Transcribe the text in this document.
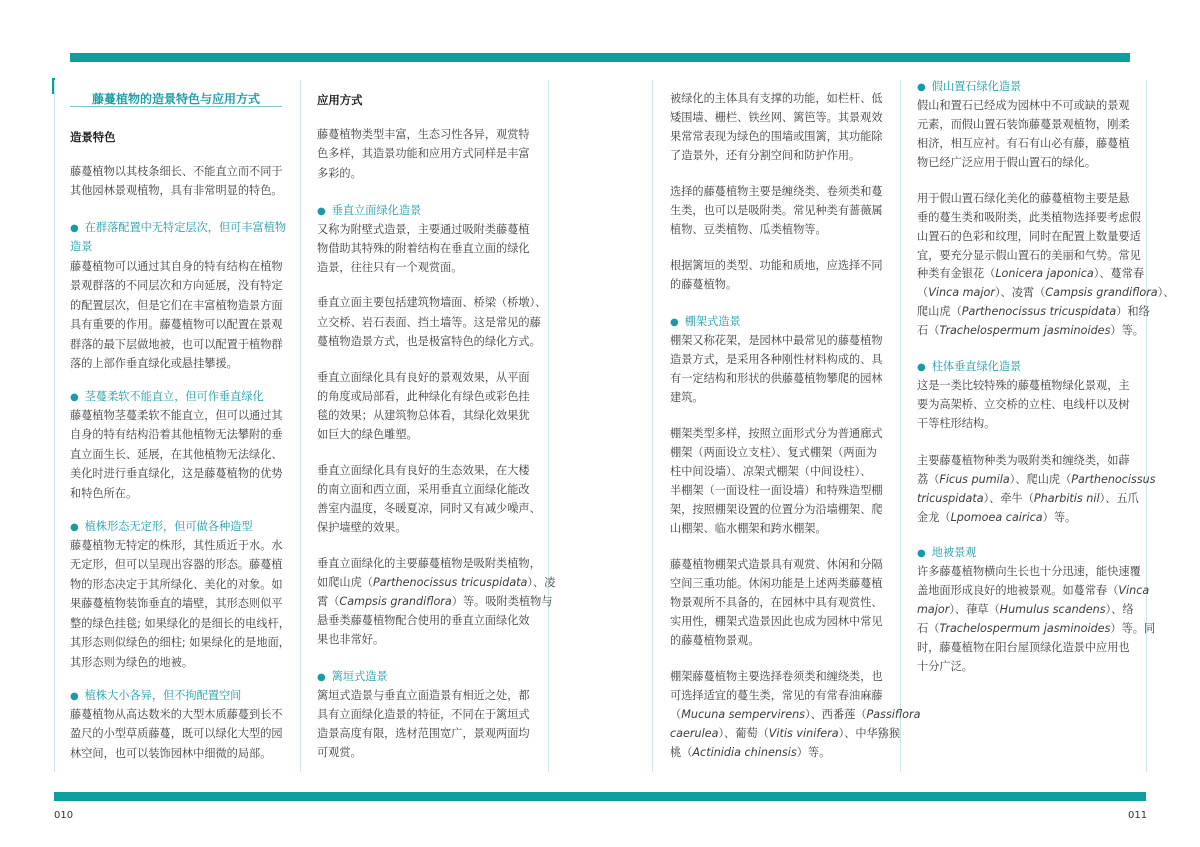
010	011
藤蔓植物的造景特色与应用方式
造景特色
藤蔓植物以其枝条细长、不能直立而不同于
其他园林景观植物，具有非常明显的特色。
● 在群落配置中无特定层次，但可丰富植物
造景
藤蔓植物可以通过其自身的特有结构在植物
景观群落的不同层次和方向延展，没有特定
的配置层次，但是它们在丰富植物造景方面
具有重要的作用。藤蔓植物可以配置在景观
群落的最下层做地被，也可以配置于植物群
落的上部作垂直绿化或悬挂攀援。
● 茎蔓柔软不能直立，但可作垂直绿化
藤蔓植物茎蔓柔软不能直立，但可以通过其
自身的特有结构沿着其他植物无法攀附的垂
直立面生长、延展，在其他植物无法绿化、
美化时进行垂直绿化，这是藤蔓植物的优势
和特色所在。
● 植株形态无定形，但可做各种造型
藤蔓植物无特定的株形，其性质近于水。水
无定形，但可以呈现出容器的形态。藤蔓植
物的形态决定于其所绿化、美化的对象。如
果藤蔓植物装饰垂直的墙壁，其形态则似平
整的绿色挂毯; 如果绿化的是细长的电线杆，
其形态则似绿色的细柱; 如果绿化的是地面，
其形态则为绿色的地被。
● 植株大小各异，但不拘配置空间
藤蔓植物从高达数米的大型木质藤蔓到长不
盈尺的小型草质藤蔓，既可以绿化大型的园
林空间，也可以装饰园林中细微的局部。
应用方式
藤蔓植物类型丰富，生态习性各异，观赏特
色多样，其造景功能和应用方式同样是丰富
多彩的。
● 垂直立面绿化造景
又称为附壁式造景，主要通过吸附类藤蔓植
物借助其特殊的附着结构在垂直立面的绿化
造景，往往只有一个观赏面。
垂直立面主要包括建筑物墙面、桥梁（桥墩）、
立交桥、岩石表面、挡土墙等。这是常见的藤
蔓植物造景方式，也是极富特色的绿化方式。
垂直立面绿化具有良好的景观效果，从平面
的角度或局部看，此种绿化有绿色或彩色挂
毯的效果；从建筑物总体看，其绿化效果犹
如巨大的绿色雕塑。
垂直立面绿化具有良好的生态效果，在大楼
的南立面和西立面，采用垂直立面绿化能改
善室内温度，冬暖夏凉，同时又有减少噪声、
保护墙壁的效果。
垂直立面绿化的主要藤蔓植物是吸附类植物，
如爬山虎（Parthenocissus tricuspidata）、凌
霄（Campsis grandiflora）等。吸附类植物与
悬垂类藤蔓植物配合使用的垂直立面绿化效
果也非常好。
● 篱垣式造景
篱垣式造景与垂直立面造景有相近之处，都
具有立面绿化造景的特征，不同在于篱垣式
造景高度有限，选材范围宽广，景观两面均
可观赏。
被绿化的主体具有支撑的功能，如栏杆、低
矮围墙、栅栏、铁丝网、篱笆等。其景观效
果常常表现为绿色的围墙或围篱，其功能除
了造景外，还有分割空间和防护作用。
选择的藤蔓植物主要是缠绕类、卷须类和蔓
生类，也可以是吸附类。常见种类有蔷薇属
植物、豆类植物、瓜类植物等。
根据篱垣的类型、功能和质地，应选择不同
的藤蔓植物。
● 棚架式造景
棚架又称花架，是园林中最常见的藤蔓植物
造景方式，是采用各种刚性材料构成的、具
有一定结构和形状的供藤蔓植物攀爬的园林
建筑。
棚架类型多样，按照立面形式分为普通廊式
棚架（两面设立支柱）、复式棚架（两面为
柱中间设墙）、凉架式棚架（中间设柱）、
半棚架（一面设柱一面设墙）和特殊造型棚
架，按照棚架设置的位置分为沿墙棚架、爬
山棚架、临水棚架和跨水棚架。
藤蔓植物棚架式造景具有观赏、休闲和分隔
空间三重功能。休闲功能是上述两类藤蔓植
物景观所不具备的，在园林中具有观赏性、
实用性，棚架式造景因此也成为园林中常见
的藤蔓植物景观。
棚架藤蔓植物主要选择卷须类和缠绕类，也
可选择适宜的蔓生类，常见的有常春油麻藤
（Mucuna sempervirens）、西番莲（Passiflora
caerulea）、葡萄（Vitis vinifera）、中华猕猴
桃（Actinidia chinensis）等。
● 假山置石绿化造景
假山和置石已经成为园林中不可或缺的景观
元素，而假山置石装饰藤蔓景观植物，刚柔
相济，相互应衬。有石有山必有藤，藤蔓植
物已经广泛应用于假山置石的绿化。
用于假山置石绿化美化的藤蔓植物主要是悬
垂的蔓生类和吸附类，此类植物选择要考虑假
山置石的色彩和纹理，同时在配置上数量要适
宜，要充分显示假山置石的美丽和气势。常见
种类有金银花（Lonicera japonica）、蔓常春
（Vinca major）、凌霄（Campsis grandiflora）、
爬山虎（Parthenocissus tricuspidata）和络
石（Trachelospermum jasminoides）等。
● 柱体垂直绿化造景
这是一类比较特殊的藤蔓植物绿化景观，主
要为高架桥、立交桥的立柱、电线杆以及树
干等柱形结构。
主要藤蔓植物种类为吸附类和缠绕类，如薜
荔（Ficus pumila）、爬山虎（Parthenocissus
tricuspidata）、牵牛（Pharbitis nil）、五爪
金龙（Lpomoea cairica）等。
● 地被景观
许多藤蔓植物横向生长也十分迅速，能快速覆
盖地面形成良好的地被景观。如蔓常春（Vinca
major）、葎草（Humulus scandens）、络
石（Trachelospermum jasminoides）等。同
时，藤蔓植物在阳台屋顶绿化造景中应用也
十分广泛。
